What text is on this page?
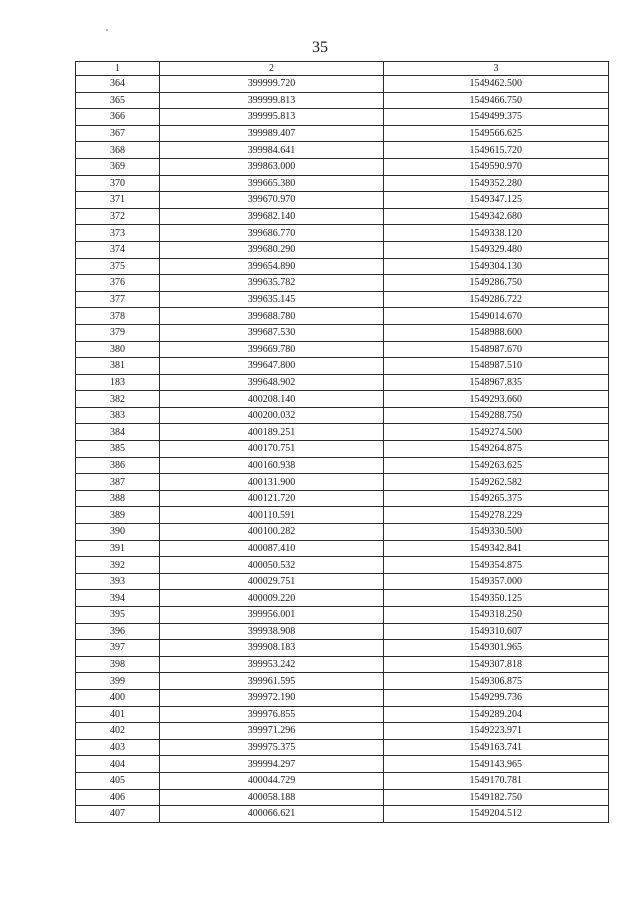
35
1	2	3
364	399999.720	1549462.500
365	399999.813	1549466.750
366	399995.813	1549499.375
367	399989.407	1549566.625
368	399984.641	1549615.720
369	399863.000	1549590.970
370	399665.380	1549352.280
371	399670.970	1549347.125
372	399682.140	1549342.680
373	399686.770	1549338.120
374	399680.290	1549329.480
375	399654.890	1549304.130
376	399635.782	1549286.750
377	399635.145	1549286.722
378	399688.780	1549014.670
379	399687.530	1548988.600
380	399669.780	1548987.670
381	399647.800	1548987.510
183	399648.902	1548967.835
382	400208.140	1549293.660
383	400200.032	1549288.750
384	400189.251	1549274.500
385	400170.751	1549264.875
386	400160.938	1549263.625
387	400131.900	1549262.582
388	400121.720	1549265.375
389	400110.591	1549278.229
390	400100.282	1549330.500
391	400087.410	1549342.841
392	400050.532	1549354.875
393	400029.751	1549357.000
394	400009.220	1549350.125
395	399956.001	1549318.250
396	399938.908	1549310.607
397	399908.183	1549301.965
398	399953.242	1549307.818
399	399961.595	1549306.875
400	399972.190	1549299.736
401	399976.855	1549289.204
402	399971.296	1549223.971
403	399975.375	1549163.741
404	399994.297	1549143.965
405	400044.729	1549170.781
406	400058.188	1549182.750
407	400066.621	1549204.512
